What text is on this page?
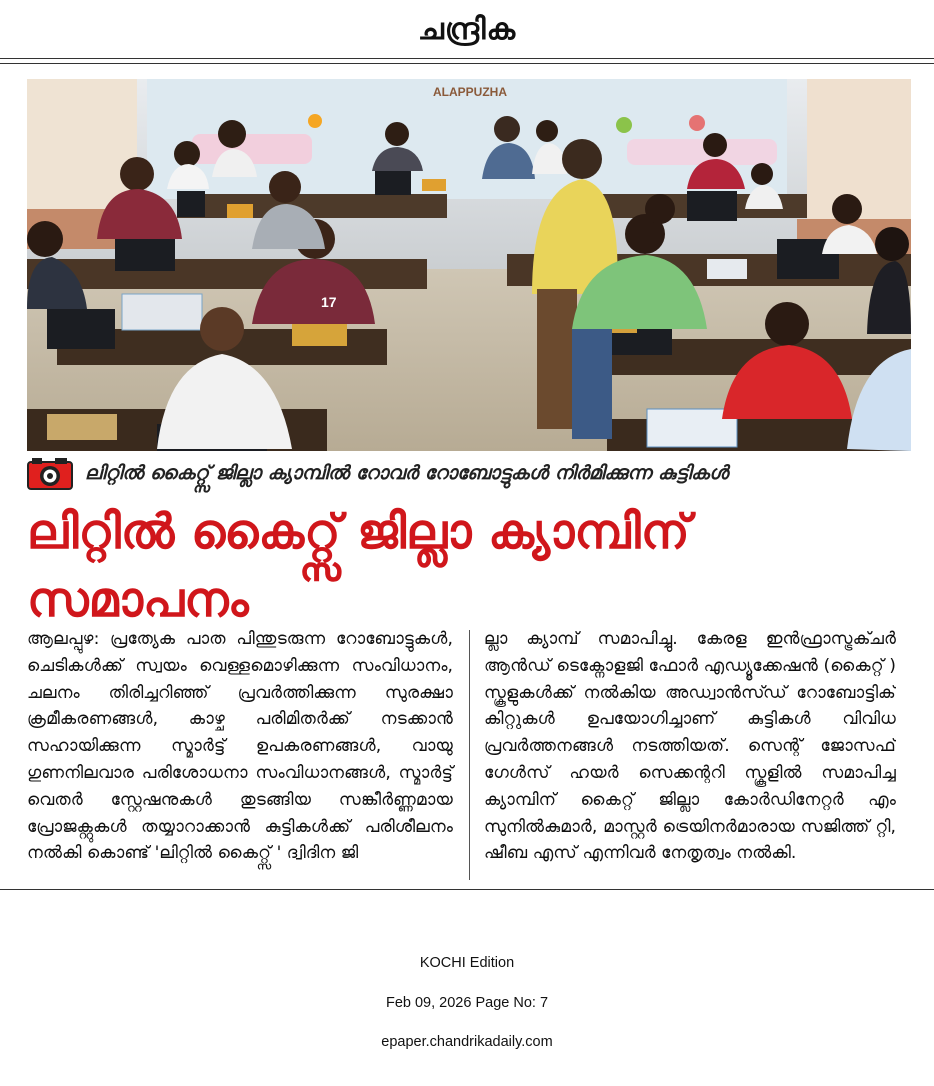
ചന്ദ്രിക
ALAPPUZHA
17
ലിറ്റിൽ കൈറ്റ്സ് ജില്ലാ ക്യാമ്പിൽ റോവർ റോബോട്ടുകൾ നിർമിക്കുന്ന കുട്ടികൾ
ലിറ്റിൽ കൈറ്റ്സ് ജില്ലാ ക്യാമ്പിന്
സമാപനം
ആലപ്പുഴ: പ്രത്യേക പാത പിന്തുടരുന്ന റോബോട്ടുകൾ, ചെടികൾക്ക് സ്വയം വെള്ളമൊഴിക്കുന്ന സംവിധാനം, ചലനം തിരിച്ചറിഞ്ഞ് പ്രവർത്തിക്കുന്ന സുരക്ഷാ ക്രമീകരണങ്ങൾ, കാഴ്ച പരിമിതർക്ക് നടക്കാൻ സഹായിക്കുന്ന സ്മാർട്ട് ഉപകരണങ്ങൾ, വായു ഗുണനിലവാര പരിശോധനാ സംവിധാനങ്ങൾ, സ്മാർട്ട് വെതർ സ്റ്റേഷനുകൾ തുടങ്ങിയ സങ്കീർണ്ണമായ പ്രോജക്റ്റുകൾ തയ്യാറാക്കാൻ കുട്ടികൾക്ക് പരിശീലനം നൽകി കൊണ്ട് 'ലിറ്റിൽ കൈറ്റ്സ് ' ദ്വിദിന ജി
ല്ലാ ക്യാമ്പ് സമാപിച്ചു. കേരള ഇൻഫ്രാസ്ട്രക്ചർ ആൻഡ് ടെക്നോളജി ഫോർ എഡ്യൂക്കേഷൻ (കൈറ്റ് ) സ്കൂളുകൾക്ക് നൽകിയ അഡ്വാൻസ്ഡ് റോബോട്ടിക് കിറ്റുകൾ ഉപയോഗിച്ചാണ് കുട്ടികൾ വിവിധ പ്രവർത്തനങ്ങൾ നടത്തിയത്. സെന്റ് ജോസഫ് ഗേൾസ് ഹയർ സെക്കന്ററി സ്കൂളിൽ സമാപിച്ച ക്യാമ്പിന് കൈറ്റ് ജില്ലാ കോർഡിനേറ്റർ എം സുനിൽകുമാർ, മാസ്റ്റർ ട്രെയിനർമാരായ സജിത്ത് റ്റി, ഷീബ എസ് എന്നിവർ നേതൃത്വം നൽകി.
KOCHI Edition
Feb 09, 2026 Page No: 7
epaper.chandrikadaily.com
